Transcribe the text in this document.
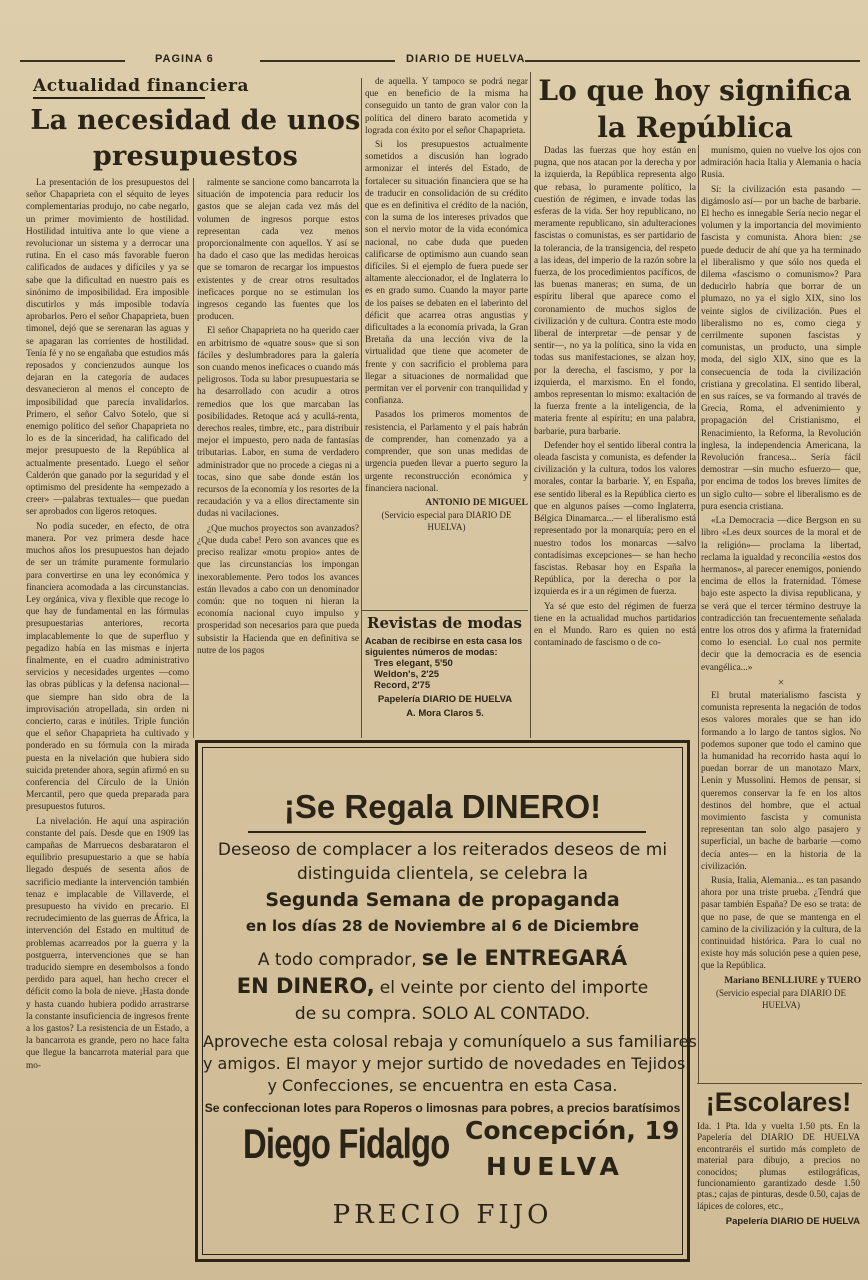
PAGINA 6	DIARIO DE HUELVA
Actualidad financiera
La necesidad de unos presupuestos

La presentación de los presupuestos del señor Chapaprieta con el séquito de leyes complementarias produjo, no cabe negarlo, un primer movimiento de hostilidad. Hostilidad intuitiva ante lo que viene a revolucionar un sistema y a derrocar una rutina. En el caso más favorable fueron calificados de audaces y difíciles y ya se sabe que la dificultad en nuestro país es sinónimo de imposibilidad. Era imposible discutirlos y más imposible todavía aprobarlos. Pero el señor Chapaprieta, buen timonel, dejó que se serenaran las aguas y se apagaran las corrientes de hostilidad. Tenía fé y no se engañaba que estudios más reposados y concienzudos aunque los dejaran en la categoría de audaces desvanecieron al menos el concepto de imposibilidad que parecía invalidarlos. Primero, el señor Calvo Sotelo, que si enemigo político del señor Chapaprieta no lo es de la sinceridad, ha calificado del mejor presupuesto de la República al actualmente presentado. Luego el señor Calderón que ganado por la seguridad y el optimismo del presidente ha «empezado a creer» —palabras textuales— que puedan ser aprobados con ligeros retoques.

No podía suceder, en efecto, de otra manera. Por vez primera desde hace muchos años los presupuestos han dejado de ser un trámite puramente formulario para convertirse en una ley económica y financiera acomodada a las circunstancias. Ley orgánica, viva y flexible que recoge lo que hay de fundamental en las fórmulas presupuestarias anteriores, recorta implacablemente lo que de superfluo y pegadizo había en las mismas e injerta finalmente, en el cuadro administrativo servicios y necesidades urgentes —como las obras públicas y la defensa nacional— que siempre han sido obra de la improvisación atropellada, sin orden ni concierto, caras e inútiles. Triple función que el señor Chapaprieta ha cultivado y ponderado en su fórmula con la mirada puesta en la nivelación que hubiera sido suicida pretender ahora, según afirmó en su conferencia del Círculo de la Unión Mercantil, pero que queda preparada para presupuestos futuros.

La nivelación. He aquí una aspiración constante del país. Desde que en 1909 las campañas de Marruecos desbarataron el equilibrio presupuestario a que se había llegado después de sesenta años de sacrificio mediante la intervención también tenaz e implacable de Villaverde, el presupuesto ha vivido en precario. El recrudecimiento de las guerras de África, la intervención del Estado en multitud de problemas acarreados por la guerra y la postguerra, intervenciones que se han traducido siempre en desembolsos a fondo perdido para aquel, han hecho crecer el déficit como la bola de nieve. ¡Hasta donde y hasta cuando hubiera podido arrastrarse la constante insuficiencia de ingresos frente a los gastos? La resistencia de un Estado, a la bancarrota es grande, pero no hace falta que llegue la bancarrota material para que mo-

ralmente se sancione como bancarrota la situación de impotencia para reducir los gastos que se alejan cada vez más del volumen de ingresos porque estos representan cada vez menos proporcionalmente con aquellos. Y así se ha dado el caso que las medidas heroicas que se tomaron de recargar los impuestos existentes y de crear otros resultados ineficaces porque no se estimulan los ingresos cegando las fuentes que los producen.

El señor Chapaprieta no ha querido caer en arbitrismo de «quatre sous» que si son fáciles y deslumbradores para la galería son cuando menos ineficaces o cuando más peligrosos. Toda su labor presupuestaria se ha desarrollado con acudir a otros remedios que los que marcaban las posibilidades. Retoque acá y acullá-renta, derechos reales, timbre, etc., para distribuir mejor el impuesto, pero nada de fantasías tributarias. Labor, en suma de verdadero administrador que no procede a ciegas ni a tocas, sino que sabe donde están los recursos de la economía y los resortes de la recaudación y va a ellos directamente sin dudas ni vacilaciones.

¿Que muchos proyectos son avanzados? ¿Que duda cabe! Pero son avances que es preciso realizar «motu propio» antes de que las circunstancias los impongan inexorablemente. Pero todos los avances están llevados a cabo con un denominador común: que no toquen ni hieran la economía nacional cuyo impulso y prosperidad son necesarios para que pueda subsistir la Hacienda que en definitiva se nutre de los pagos

de aquella. Y tampoco se podrá negar que en beneficio de la misma ha conseguido un tanto de gran valor con la política del dinero barato acometida y lograda con éxito por el señor Chapaprieta.

Si los presupuestos actualmente sometidos a discusión han logrado armonizar el interés del Estado, de fortalecer su situación financiera que se ha de traducir en consolidación de su crédito que es en definitiva el crédito de la nación, con la suma de los intereses privados que son el nervio motor de la vida económica nacional, no cabe duda que pueden calificarse de optimismo aun cuando sean difíciles. Si el ejemplo de fuera puede ser altamente aleccionador, el de Inglaterra lo es en grado sumo. Cuando la mayor parte de los países se debaten en el laberinto del déficit que acarrea otras angustias y dificultades a la economía privada, la Gran Bretaña da una lección viva de la virtualidad que tiene que acometer de frente y con sacrificio el problema para llegar a situaciones de normalidad que permitan ver el porvenir con tranquilidad y confianza.

Pasados los primeros momentos de resistencia, el Parlamento y el país habrán de comprender, han comenzado ya a comprender, que son unas medidas de urgencia pueden llevar a puerto seguro la urgente reconstrucción económica y financiera nacional.

ANTONIO DE MIGUEL
(Servicio especial para DIARIO DE HUELVA)
Revistas de modas
Acaban de recibirse en esta casa los siguientes números de modas:
Tres elegant, 5'50
Weldon's, 2'25
Record, 2'75
Papelería DIARIO DE HUELVA
A. Mora Claros 5.
Lo que hoy significa la República

Dadas las fuerzas que hoy están en pugna, que nos atacan por la derecha y por la izquierda, la República representa algo que rebasa, lo puramente político, la cuestión de régimen, e invade todas las esferas de la vida. Ser hoy republicano, no meramente republicano, sin adulteraciones fascistas o comunistas, es ser partidario de la tolerancia, de la transigencia, del respeto a las ideas, del imperio de la razón sobre la fuerza, de los procedimientos pacíficos, de las buenas maneras; en suma, de un espíritu liberal que aparece como el coronamiento de muchos siglos de civilización y de cultura. Contra este modo liberal de interpretar —de pensar y de sentir—, no ya la política, sino la vida en todas sus manifestaciones, se alzan hoy, por la derecha, el fascismo, y por la izquierda, el marxismo. En el fondo, ambos representan lo mismo: exaltación de la fuerza frente a la inteligencia, de la materia frente al espíritu; en una palabra, barbarie, pura barbarie.

Defender hoy el sentido liberal contra la oleada fascista y comunista, es defender la civilización y la cultura, todos los valores morales, contar la barbarie. Y, en España, ese sentido liberal es la República cierto es que en algunos países —como Inglaterra, Bélgica Dinamarca...— el liberalismo está representado por la monarquía; pero en el nuestro todos los monarcas —salvo contadísimas excepciones— se han hecho fascistas. Rebasar hoy en España la República, por la derecha o por la izquierda es ir a un régimen de fuerza.

Ya sé que esto del régimen de fuerza tiene en la actualidad muchos partidarios en el Mundo. Raro es quien no está contaminado de fascismo o de co-

munismo, quien no vuelve los ojos con admiración hacia Italia y Alemania o hacia Rusia.

Sí: la civilización esta pasando —digámoslo así— por un bache de barbarie. El hecho es innegable Sería necio negar el volumen y la importancia del movimiento fascista y comunista. Ahora bien: ¿se puede deducir de ahí que ya ha terminado el liberalismo y que sólo nos queda el dilema «fascismo o comunismo»? Para deducirlo habría que borrar de un plumazo, no ya el siglo XIX, sino los veinte siglos de civilización. Pues el liberalismo no es, como ciega y cerrilmente suponen fascistas y comunistas, un producto, una simple moda, del siglo XIX, sino que es la consecuencia de toda la civilización cristiana y grecolatina. El sentido liberal, en sus raíces, se va formando al través de Grecia, Roma, el advenimiento y propagación del Cristianismo, el Renacimiento, la Reforma, la Revolución inglesa, la independencia Americana, la Revolución francesa... Sería fácil demostrar —sin mucho esfuerzo— que, por encima de todos los breves límites de un siglo culto— sobre el liberalismo es de pura esencia cristiana.

«La Democracia —dice Bergson en su libro «Les deux sources de la moral et de la religión»— proclama la libertad, reclama la igualdad y reconcilia «estos dos hermanos», al parecer enemigos, poniendo encima de ellos la fraternidad. Tómese bajo este aspecto la divisa republicana, y se verá que el tercer término destruye la contradicción tan frecuentemente señalada entre los otros dos y afirma la fraternidad como lo esencial. Lo cual nos permite decir que la democracia es de esencia evangélica...»

×

El brutal materialismo fascista y comunista representa la negación de todos esos valores morales que se han ido formando a lo largo de tantos siglos. No podemos suponer que todo el camino que la humanidad ha recorrido hasta aquí lo puedan borrar de un manotazo Marx, Lenin y Mussolini. Hemos de pensar, si queremos conservar la fe en los altos destinos del hombre, que el actual movimiento fascista y comunista representan tan solo algo pasajero y superficial, un bache de barbarie —como decía antes— en la historia de la civilización.

Rusia, Italia, Alemania... es tan pasando ahora por una triste prueba. ¿Tendrá que pasar también España? De eso se trata: de que no pase, de que se mantenga en el camino de la civilización y la cultura, de la continuidad histórica. Para lo cual no existe hoy más solución pese a quien pese, que la República.

Mariano BENLLIURE y TUERO
(Servicio especial para DIARIO DE HUELVA)
¡Se Regala DINERO!
Deseoso de complacer a los reiterados deseos de mi
distinguida clientela, se celebra la
Segunda Semana de propaganda
en los días 28 de Noviembre al 6 de Diciembre
A todo comprador, se le ENTREGARÁ
EN DINERO, el veinte por ciento del importe
de su compra. SOLO AL CONTADO.
Aproveche esta colosal rebaja y comuníquelo a sus familiares
y amigos. El mayor y mejor surtido de novedades en Tejidos
y Confecciones, se encuentra en esta Casa.
Se confeccionan lotes para Roperos o limosnas para pobres, a precios baratísimos
Diego Fidalgo Concepción, 19
HUELVA
PRECIO FIJO
¡Escolares!
Ida. 1 Pta. Ida y vuelta 1.50 pts. En la Papelería del DIARIO DE HUELVA encontraréis el surtido más completo de material para dibujo, a precios no conocidos; plumas estilográficas, funcionamiento garantizado desde 1.50 ptas.; cajas de pinturas, desde 0.50, cajas de lápices de colores, etc.,
Papelería DIARIO DE HUELVA
